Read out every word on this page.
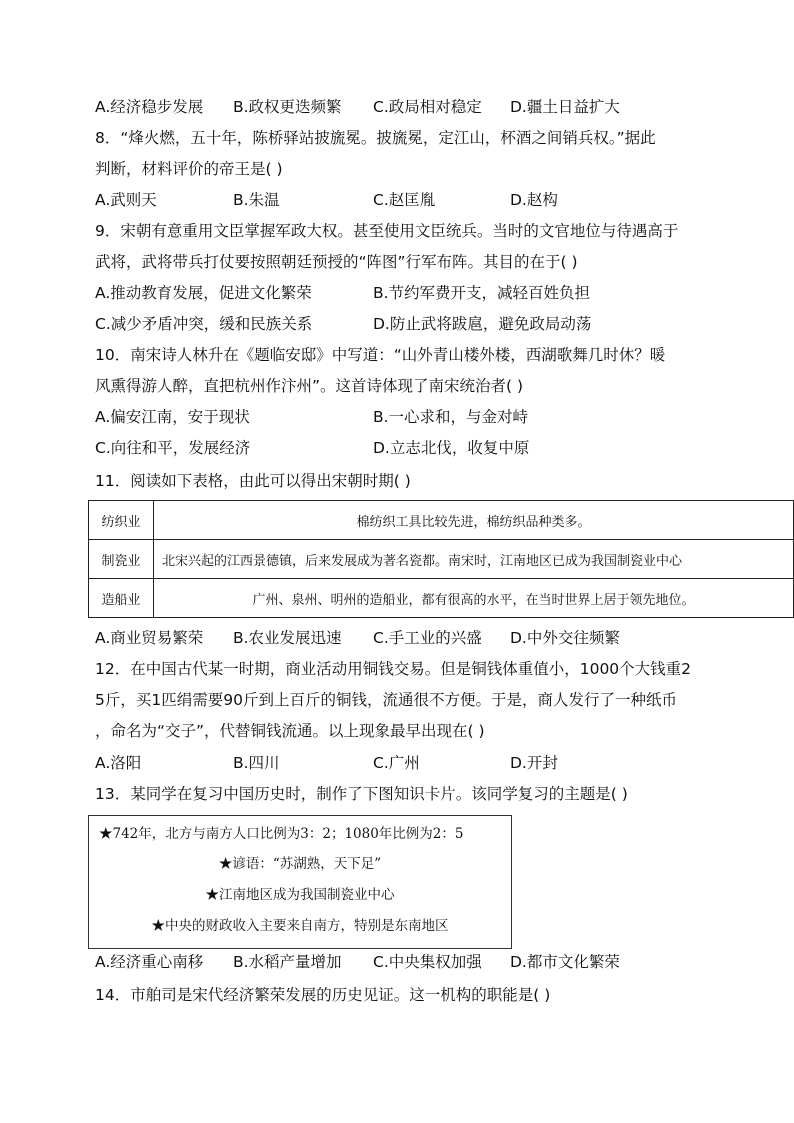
A.经济稳步发展 B.政权更迭频繁 C.政局相对稳定 D.疆土日益扩大
8．“烽火燃，五十年，陈桥驿站披旒冕。披旒冕，定江山，杯酒之间销兵权。”据此
判断，材料评价的帝王是( )
A.武则天	B.朱温	C.赵匡胤	D.赵构
9．宋朝有意重用文臣掌握军政大权。甚至使用文臣统兵。当时的文官地位与待遇高于
武将，武将带兵打仗要按照朝廷预授的“阵图”行军布阵。其目的在于( )
A.推动教育发展，促进文化繁荣	B.节约军费开支，减轻百姓负担
C.减少矛盾冲突，缓和民族关系	D.防止武将跋扈，避免政局动荡
10．南宋诗人林升在《题临安邸》中写道：“山外青山楼外楼，西湖歌舞几时休？暖
风熏得游人醉，直把杭州作汴州”。这首诗体现了南宋统治者( )
A.偏安江南，安于现状	B.一心求和，与金对峙
C.向往和平，发展经济	D.立志北伐，收复中原
11．阅读如下表格，由此可以得出宋朝时期( )
纺织业	棉纺织工具比较先进，棉纺织品种类多。
制瓷业	北宋兴起的江西景德镇，后来发展成为著名瓷都。南宋时，江南地区已成为我国制瓷业中心
造船业	广州、泉州、明州的造船业，都有很高的水平，在当时世界上居于领先地位。
A.商业贸易繁荣 B.农业发展迅速 C.手工业的兴盛 D.中外交往频繁
12．在中国古代某一时期，商业活动用铜钱交易。但是铜钱体重值小，1000个大钱重2
5斤，买1匹绢需要90斤到上百斤的铜钱，流通很不方便。于是，商人发行了一种纸币
，命名为“交子”，代替铜钱流通。以上现象最早出现在( )
A.洛阳	B.四川	C.广州	D.开封
13．某同学在复习中国历史时，制作了下图知识卡片。该同学复习的主题是( )
★742年，北方与南方人口比例为3：2；1080年比例为2：5
★谚语：“苏湖熟，天下足”
★江南地区成为我国制瓷业中心
★中央的财政收入主要来自南方，特别是东南地区
A.经济重心南移 B.水稻产量增加 C.中央集权加强 D.都市文化繁荣
14．市舶司是宋代经济繁荣发展的历史见证。这一机构的职能是( )
